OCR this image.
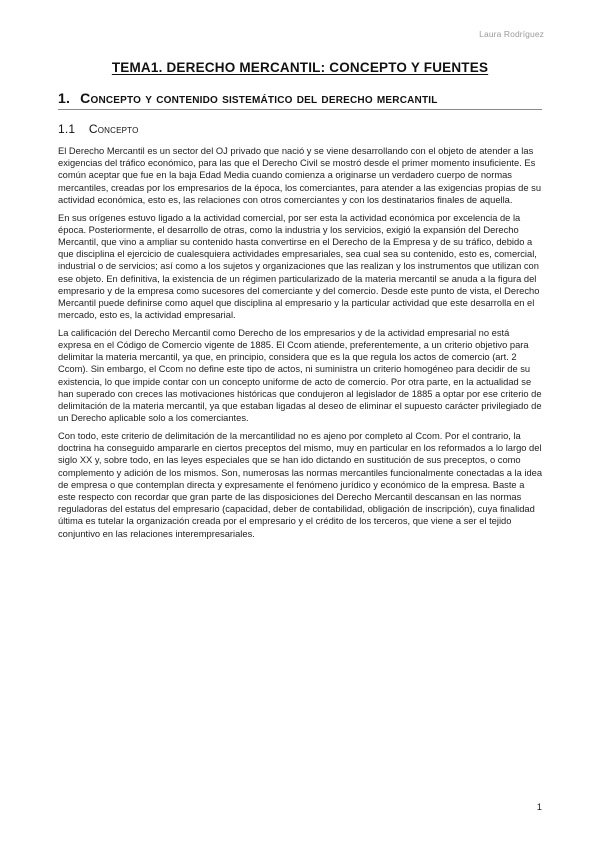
Laura Rodríguez
TEMA1. DERECHO MERCANTIL: CONCEPTO Y FUENTES
1. Concepto y contenido sistemático del derecho mercantil
1.1 Concepto

El Derecho Mercantil es un sector del OJ privado que nació y se viene desarrollando con el objeto de atender a las exigencias del tráfico económico, para las que el Derecho Civil se mostró desde el primer momento insuficiente. Es común aceptar que fue en la baja Edad Media cuando comienza a originarse un verdadero cuerpo de normas mercantiles, creadas por los empresarios de la época, los comerciantes, para atender a las exigencias propias de su actividad económica, esto es, las relaciones con otros comerciantes y con los destinatarios finales de aquella.

En sus orígenes estuvo ligado a la actividad comercial, por ser esta la actividad económica por excelencia de la época. Posteriormente, el desarrollo de otras, como la industria y los servicios, exigió la expansión del Derecho Mercantil, que vino a ampliar su contenido hasta convertirse en el Derecho de la Empresa y de su tráfico, debido a que disciplina el ejercicio de cualesquiera actividades empresariales, sea cual sea su contenido, esto es, comercial, industrial o de servicios; así como a los sujetos y organizaciones que las realizan y los instrumentos que utilizan con ese objeto. En definitiva, la existencia de un régimen particularizado de la materia mercantil se anuda a la figura del empresario y de la empresa como sucesores del comerciante y del comercio. Desde este punto de vista, el Derecho Mercantil puede definirse como aquel que disciplina al empresario y la particular actividad que este desarrolla en el mercado, esto es, la actividad empresarial.

La calificación del Derecho Mercantil como Derecho de los empresarios y de la actividad empresarial no está expresa en el Código de Comercio vigente de 1885. El Ccom atiende, preferentemente, a un criterio objetivo para delimitar la materia mercantil, ya que, en principio, considera que es la que regula los actos de comercio (art. 2 Ccom). Sin embargo, el Ccom no define este tipo de actos, ni suministra un criterio homogéneo para decidir de su existencia, lo que impide contar con un concepto uniforme de acto de comercio. Por otra parte, en la actualidad se han superado con creces las motivaciones históricas que condujeron al legislador de 1885 a optar por ese criterio de delimitación de la materia mercantil, ya que estaban ligadas al deseo de eliminar el supuesto carácter privilegiado de un Derecho aplicable solo a los comerciantes.

Con todo, este criterio de delimitación de la mercantilidad no es ajeno por completo al Ccom. Por el contrario, la doctrina ha conseguido ampararle en ciertos preceptos del mismo, muy en particular en los reformados a lo largo del siglo XX y, sobre todo, en las leyes especiales que se han ido dictando en sustitución de sus preceptos, o como complemento y adición de los mismos. Son, numerosas las normas mercantiles funcionalmente conectadas a la idea de empresa o que contemplan directa y expresamente el fenómeno jurídico y económico de la empresa. Baste a este respecto con recordar que gran parte de las disposiciones del Derecho Mercantil descansan en las normas reguladoras del estatus del empresario (capacidad, deber de contabilidad, obligación de inscripción), cuya finalidad última es tutelar la organización creada por el empresario y el crédito de los terceros, que viene a ser el tejido conjuntivo en las relaciones interempresariales.

1
